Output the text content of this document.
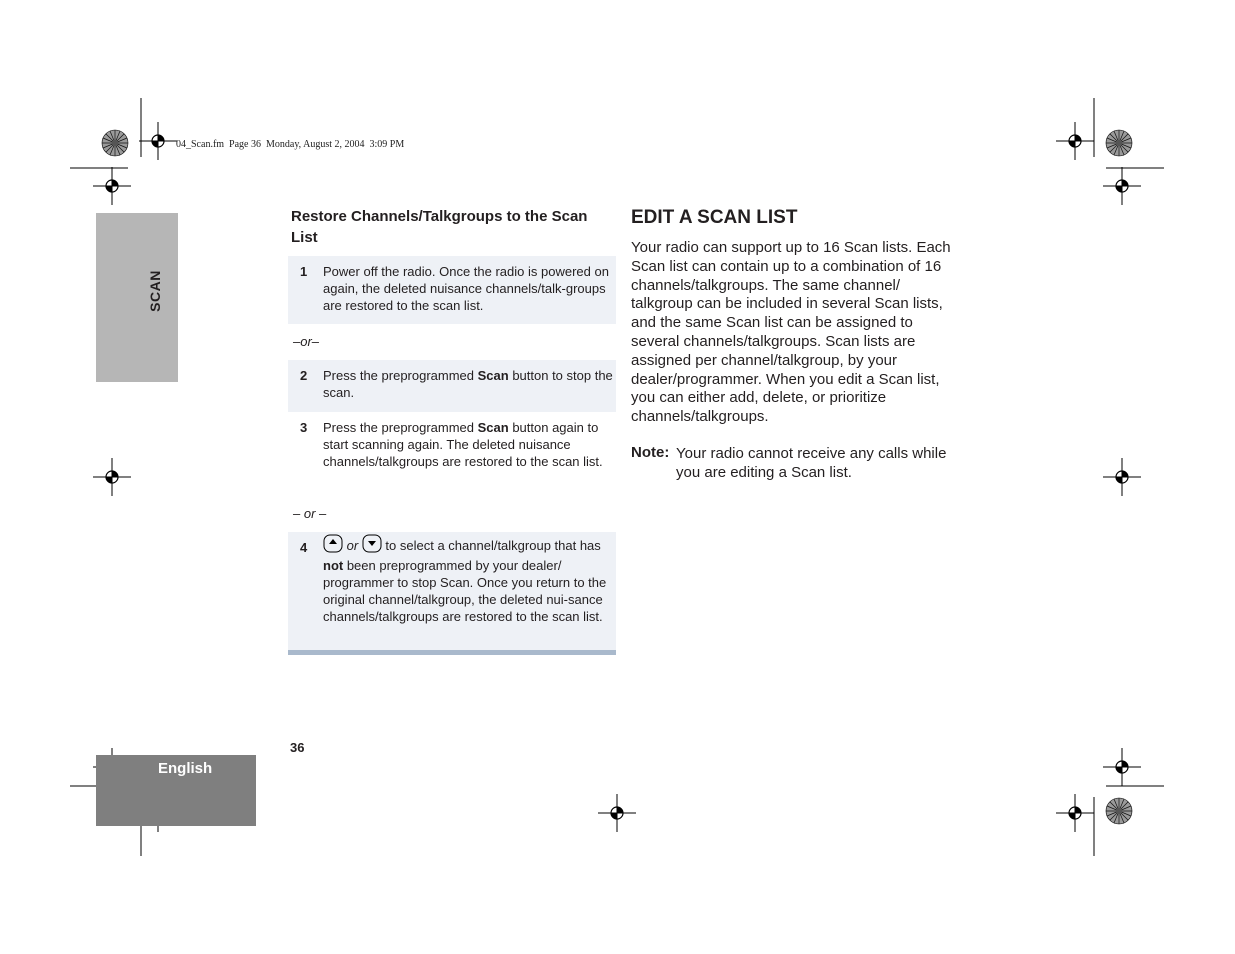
04_Scan.fm  Page 36  Monday, August 2, 2004  3:09 PM
SCAN
English
Restore Channels/Talkgroups to the Scan List
1 Power off the radio. Once the radio is powered on again, the deleted nuisance channels/talk-groups are restored to the scan list.
–or–
2 Press the preprogrammed Scan button to stop the scan.
3 Press the preprogrammed Scan button again to start scanning again. The deleted nuisance channels/talkgroups are restored to the scan list.
– or –
4	or  to select a channel/talkgroup that has not been preprogrammed by your dealer/ programmer to stop Scan. Once you return to the original channel/talkgroup, the deleted nui-sance channels/talkgroups are restored to the scan list.
EDIT A SCAN LIST
Your radio can support up to 16 Scan lists. Each Scan list can contain up to a combination of 16 channels/talkgroups. The same channel/ talkgroup can be included in several Scan lists, and the same Scan list can be assigned to several channels/talkgroups. Scan lists are assigned per channel/talkgroup, by your dealer/programmer. When you edit a Scan list, you can either add, delete, or prioritize channels/talkgroups.
Note: Your radio cannot receive any calls while you are editing a Scan list.
36
